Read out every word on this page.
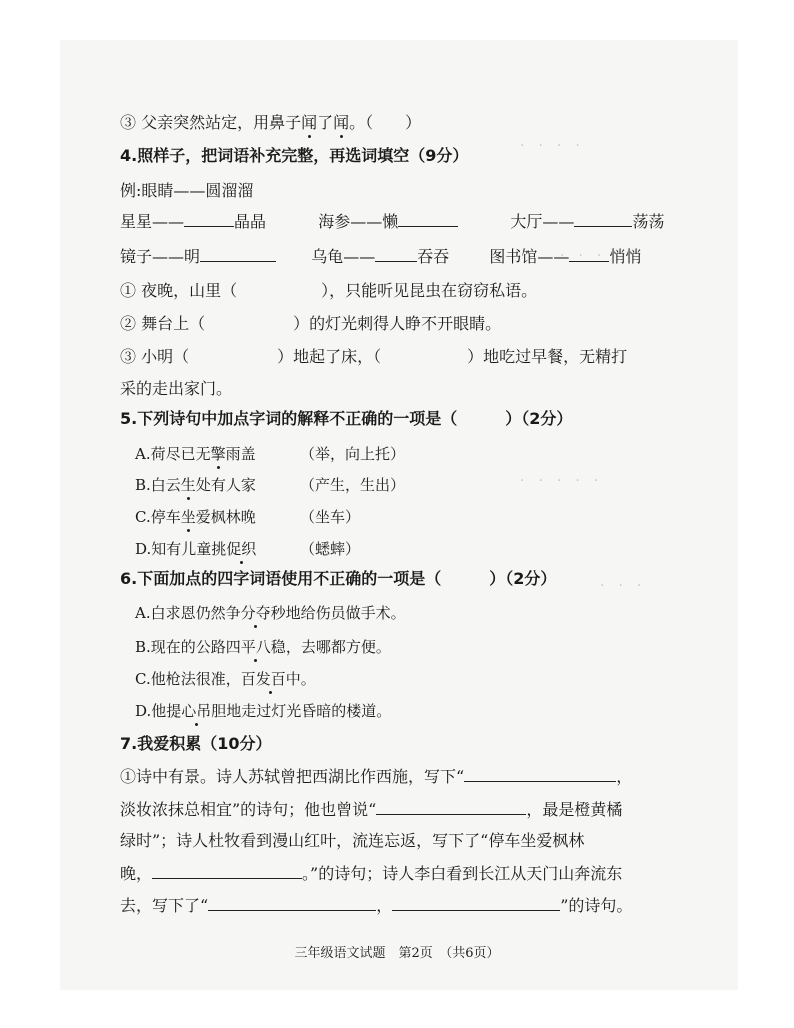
·　·　·　·
·　·　·
·　·　·　·　·
·　·　·
③ 父亲突然站定，用鼻子闻了闻。（　　）
4.照样子，把词语补充完整，再选词填空（9分）
例:眼睛——圆溜溜
星星——	晶晶	海参——懒	大厅——	荡荡
镜子——明	乌龟——	吞吞	图书馆——	悄悄
① 夜晚，山里（	），只能听见昆虫在窃窃私语。
② 舞台上（	）的灯光刺得人睁不开眼睛。
③ 小明（	）地起了床，（	）地吃过早餐，无精打
采的走出家门。
5.下列诗句中加点字词的解释不正确的一项是（　　　）（2分）
A.荷尽已无擎雨盖	（举，向上托）
B.白云生处有人家	（产生，生出）
C.停车坐爱枫林晚	（坐车）
D.知有儿童挑促织	（蟋蟀）
6.下面加点的四字词语使用不正确的一项是（　　　）（2分）
A.白求恩仍然争分夺秒地给伤员做手术。
B.现在的公路四平八稳，去哪都方便。
C.他枪法很准，百发百中。
D.他提心吊胆地走过灯光昏暗的楼道。
7.我爱积累（10分）
①诗中有景。诗人苏轼曾把西湖比作西施，写下“	，
淡妆浓抹总相宜”的诗句；他也曾说“	，最是橙黄橘
绿时”；诗人杜牧看到漫山红叶，流连忘返，写下了“停车坐爱枫林
晚，	。”的诗句；诗人李白看到长江从天门山奔流东
去，写下了“	，	”的诗句。
三年级语文试题　第2页　（共6页）
